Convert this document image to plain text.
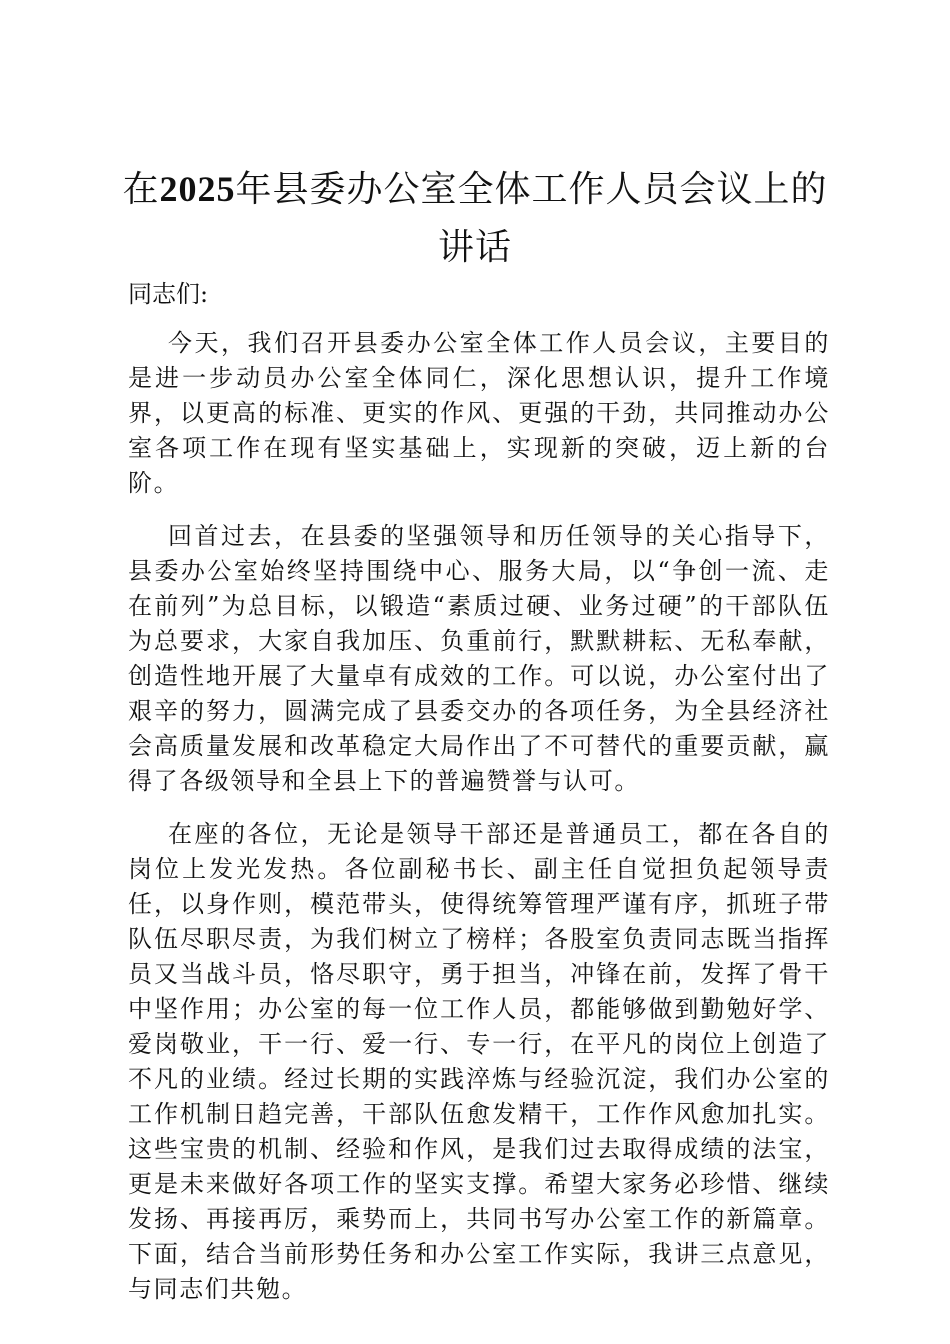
在2025年县委办公室全体工作人员会议上的讲话

同志们:

今天，我们召开县委办公室全体工作人员会议，主要目的是进一步动员办公室全体同仁，深化思想认识，提升工作境界，以更高的标准、更实的作风、更强的干劲，共同推动办公室各项工作在现有坚实基础上，实现新的突破，迈上新的台阶。

回首过去，在县委的坚强领导和历任领导的关心指导下，县委办公室始终坚持围绕中心、服务大局，以“争创一流、走在前列”为总目标，以锻造“素质过硬、业务过硬”的干部队伍为总要求，大家自我加压、负重前行，默默耕耘、无私奉献，创造性地开展了大量卓有成效的工作。可以说，办公室付出了艰辛的努力，圆满完成了县委交办的各项任务，为全县经济社会高质量发展和改革稳定大局作出了不可替代的重要贡献，赢得了各级领导和全县上下的普遍赞誉与认可。

在座的各位，无论是领导干部还是普通员工，都在各自的岗位上发光发热。各位副秘书长、副主任自觉担负起领导责任，以身作则，模范带头，使得统筹管理严谨有序，抓班子带队伍尽职尽责，为我们树立了榜样；各股室负责同志既当指挥员又当战斗员，恪尽职守，勇于担当，冲锋在前，发挥了骨干中坚作用；办公室的每一位工作人员，都能够做到勤勉好学、爱岗敬业，干一行、爱一行、专一行，在平凡的岗位上创造了不凡的业绩。经过长期的实践淬炼与经验沉淀，我们办公室的工作机制日趋完善，干部队伍愈发精干，工作作风愈加扎实。这些宝贵的机制、经验和作风，是我们过去取得成绩的法宝，更是未来做好各项工作的坚实支撑。希望大家务必珍惜、继续发扬、再接再厉，乘势而上，共同书写办公室工作的新篇章。下面，结合当前形势任务和办公室工作实际，我讲三点意见，与同志们共勉。
